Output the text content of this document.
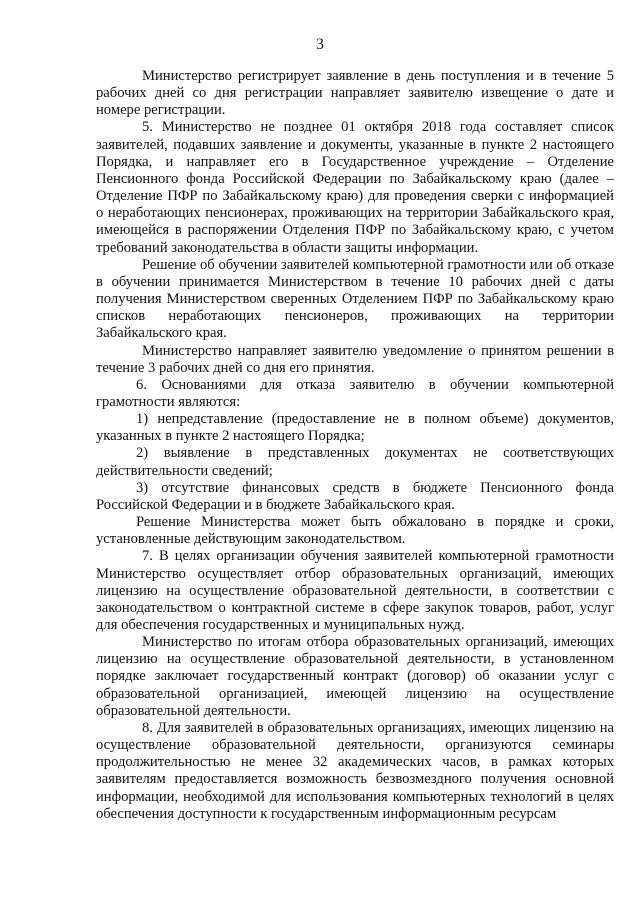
3

Министерство регистрирует заявление в день поступления и в течение 5 рабочих дней со дня регистрации направляет заявителю извещение о дате и номере регистрации.

5. Министерство не позднее 01 октября 2018 года составляет список заявителей, подавших заявление и документы, указанные в пункте 2 настоящего Порядка, и направляет его в Государственное учреждение – Отделение Пенсионного фонда Российской Федерации по Забайкальскому краю (далее – Отделение ПФР по Забайкальскому краю) для проведения сверки с информацией о неработающих пенсионерах, проживающих на территории Забайкальского края, имеющейся в распоряжении Отделения ПФР по Забайкальскому краю, с учетом требований законодательства в области защиты информации.

Решение об обучении заявителей компьютерной грамотности или об отказе в обучении принимается Министерством в течение 10 рабочих дней с даты получения Министерством сверенных Отделением ПФР по Забайкальскому краю списков неработающих пенсионеров, проживающих на территории Забайкальского края.

Министерство направляет заявителю уведомление о принятом решении в течение 3 рабочих дней со дня его принятия.

6. Основаниями для отказа заявителю в обучении компьютерной грамотности являются:

1) непредставление (предоставление не в полном объеме) документов, указанных в пункте 2 настоящего Порядка;

2) выявление в представленных документах не соответствующих действительности сведений;

3) отсутствие финансовых средств в бюджете Пенсионного фонда Российской Федерации и в бюджете Забайкальского края.

Решение Министерства может быть обжаловано в порядке и сроки, установленные действующим законодательством.

7. В целях организации обучения заявителей компьютерной грамотности Министерство осуществляет отбор образовательных организаций, имеющих лицензию на осуществление образовательной деятельности, в соответствии с законодательством о контрактной системе в сфере закупок товаров, работ, услуг для обеспечения государственных и муниципальных нужд.

Министерство по итогам отбора образовательных организаций, имеющих лицензию на осуществление образовательной деятельности, в установленном порядке заключает государственный контракт (договор) об оказании услуг с образовательной организацией, имеющей лицензию на осуществление образовательной деятельности.

8. Для заявителей в образовательных организациях, имеющих лицензию на осуществление образовательной деятельности, организуются семинары продолжительностью не менее 32 академических часов, в рамках которых заявителям предоставляется возможность безвозмездного получения основной информации, необходимой для использования компьютерных технологий в целях обеспечения доступности к государственным информационным ресурсам
